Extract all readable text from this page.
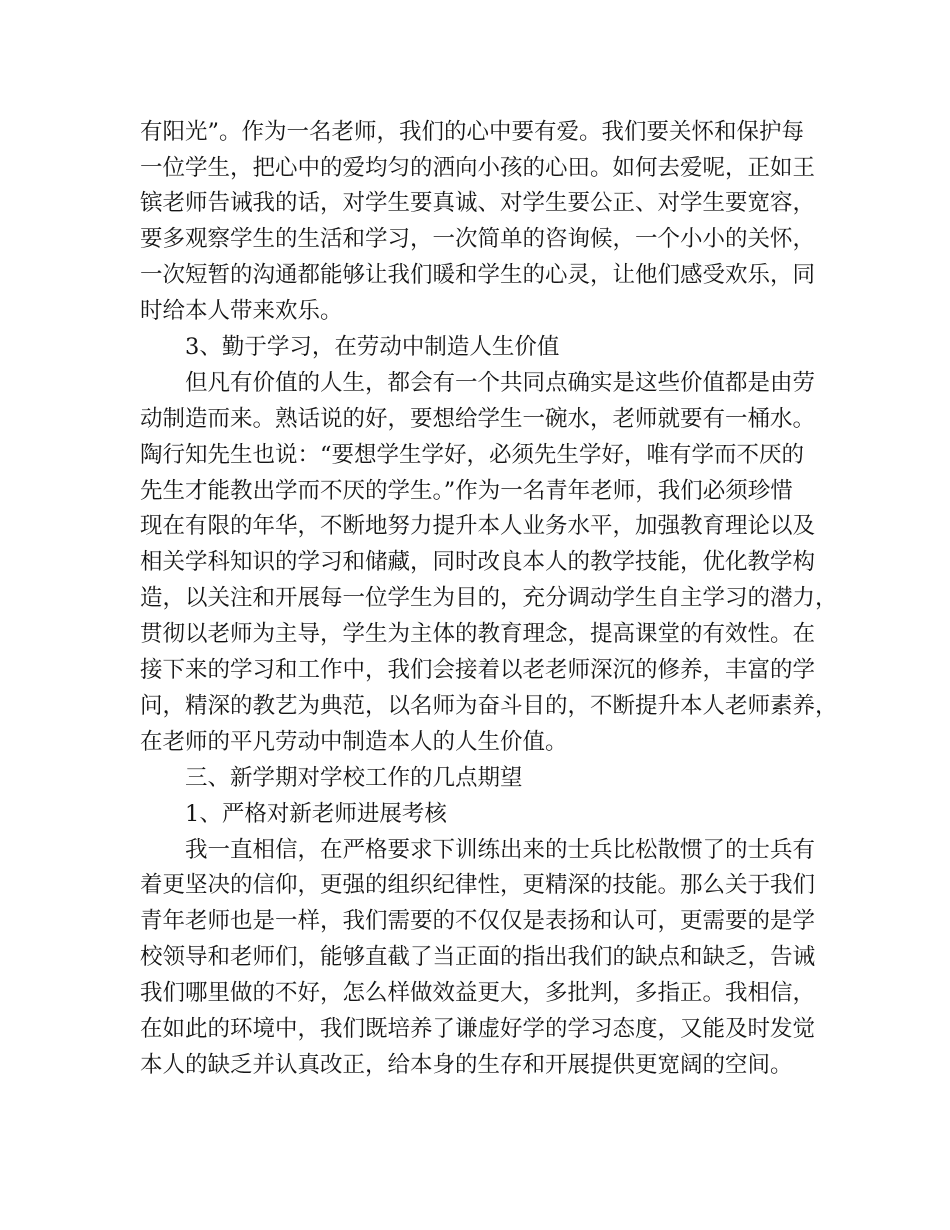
有阳光”。作为一名老师，我们的心中要有爱。我们要关怀和保护每
一位学生，把心中的爱均匀的洒向小孩的心田。如何去爱呢，正如王
镔老师告诫我的话，对学生要真诚、对学生要公正、对学生要宽容，
要多观察学生的生活和学习，一次简单的咨询候，一个小小的关怀，
一次短暂的沟通都能够让我们暖和学生的心灵，让他们感受欢乐，同
时给本人带来欢乐。
3、勤于学习，在劳动中制造人生价值
但凡有价值的人生，都会有一个共同点确实是这些价值都是由劳
动制造而来。熟话说的好，要想给学生一碗水，老师就要有一桶水。
陶行知先生也说：“要想学生学好，必须先生学好，唯有学而不厌的
先生才能教出学而不厌的学生。”作为一名青年老师，我们必须珍惜
现在有限的年华，不断地努力提升本人业务水平，加强教育理论以及
相关学科知识的学习和储藏，同时改良本人的教学技能，优化教学构
造，以关注和开展每一位学生为目的，充分调动学生自主学习的潜力，
贯彻以老师为主导，学生为主体的教育理念，提高课堂的有效性。在
接下来的学习和工作中，我们会接着以老老师深沉的修养，丰富的学
问，精深的教艺为典范，以名师为奋斗目的，不断提升本人老师素养，
在老师的平凡劳动中制造本人的人生价值。
三、新学期对学校工作的几点期望
1、严格对新老师进展考核
我一直相信，在严格要求下训练出来的士兵比松散惯了的士兵有
着更坚决的信仰，更强的组织纪律性，更精深的技能。那么关于我们
青年老师也是一样，我们需要的不仅仅是表扬和认可，更需要的是学
校领导和老师们，能够直截了当正面的指出我们的缺点和缺乏，告诫
我们哪里做的不好，怎么样做效益更大，多批判，多指正。我相信，
在如此的环境中，我们既培养了谦虚好学的学习态度，又能及时发觉
本人的缺乏并认真改正，给本身的生存和开展提供更宽阔的空间。
